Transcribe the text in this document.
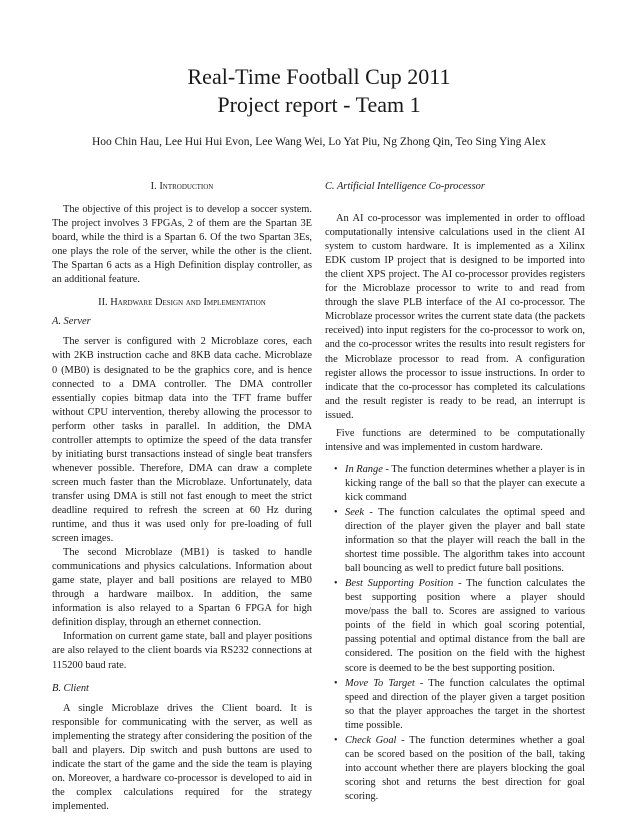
Real-Time Football Cup 2011
Project report - Team 1
Hoo Chin Hau, Lee Hui Hui Evon, Lee Wang Wei, Lo Yat Piu, Ng Zhong Qin, Teo Sing Ying Alex
I. Introduction

The objective of this project is to develop a soccer system. The project involves 3 FPGAs, 2 of them are the Spartan 3E board, while the third is a Spartan 6. Of the two Spartan 3Es, one plays the role of the server, while the other is the client. The Spartan 6 acts as a High Definition display controller, as an additional feature.

II. Hardware Design and Implementation
A. Server

The server is configured with 2 Microblaze cores, each with 2KB instruction cache and 8KB data cache. Microblaze 0 (MB0) is designated to be the graphics core, and is hence connected to a DMA controller. The DMA controller essentially copies bitmap data into the TFT frame buffer without CPU intervention, thereby allowing the processor to perform other tasks in parallel. In addition, the DMA controller attempts to optimize the speed of the data transfer by initiating burst transactions instead of single beat transfers whenever possible. Therefore, DMA can draw a complete screen much faster than the Microblaze. Unfortunately, data transfer using DMA is still not fast enough to meet the strict deadline required to refresh the screen at 60 Hz during runtime, and thus it was used only for pre-loading of full screen images.

The second Microblaze (MB1) is tasked to handle communications and physics calculations. Information about game state, player and ball positions are relayed to MB0 through a hardware mailbox. In addition, the same information is also relayed to a Spartan 6 FPGA for high definition display, through an ethernet connection.

Information on current game state, ball and player positions are also relayed to the client boards via RS232 connections at 115200 baud rate.

B. Client

A single Microblaze drives the Client board. It is responsible for communicating with the server, as well as implementing the strategy after considering the position of the ball and players. Dip switch and push buttons are used to indicate the start of the game and the side the team is playing on. Moreover, a hardware co-processor is developed to aid in the complex calculations required for the strategy implemented.

C. Artificial Intelligence Co-processor

An AI co-processor was implemented in order to offload computationally intensive calculations used in the client AI system to custom hardware. It is implemented as a Xilinx EDK custom IP project that is designed to be imported into the client XPS project. The AI co-processor provides registers for the Microblaze processor to write to and read from through the slave PLB interface of the AI co-processor. The Microblaze processor writes the current state data (the packets received) into input registers for the co-processor to work on, and the co-processor writes the results into result registers for the Microblaze processor to read from. A configuration register allows the processor to issue instructions. In order to indicate that the co-processor has completed its calculations and the result register is ready to be read, an interrupt is issued.

Five functions are determined to be computationally intensive and was implemented in custom hardware.

• In Range - The function determines whether a player is in kicking range of the ball so that the player can execute a kick command
• Seek - The function calculates the optimal speed and direction of the player given the player and ball state information so that the player will reach the ball in the shortest time possible. The algorithm takes into account ball bouncing as well to predict future ball positions.
• Best Supporting Position - The function calculates the best supporting position where a player should move/pass the ball to. Scores are assigned to various points of the field in which goal scoring potential, passing potential and optimal distance from the ball are considered. The position on the field with the highest score is deemed to be the best supporting position.
• Move To Target - The function calculates the optimal speed and direction of the player given a target position so that the player approaches the target in the shortest time possible.
• Check Goal - The function determines whether a goal can be scored based on the position of the ball, taking into account whether there are players blocking the goal scoring shot and returns the best direction for goal scoring.
